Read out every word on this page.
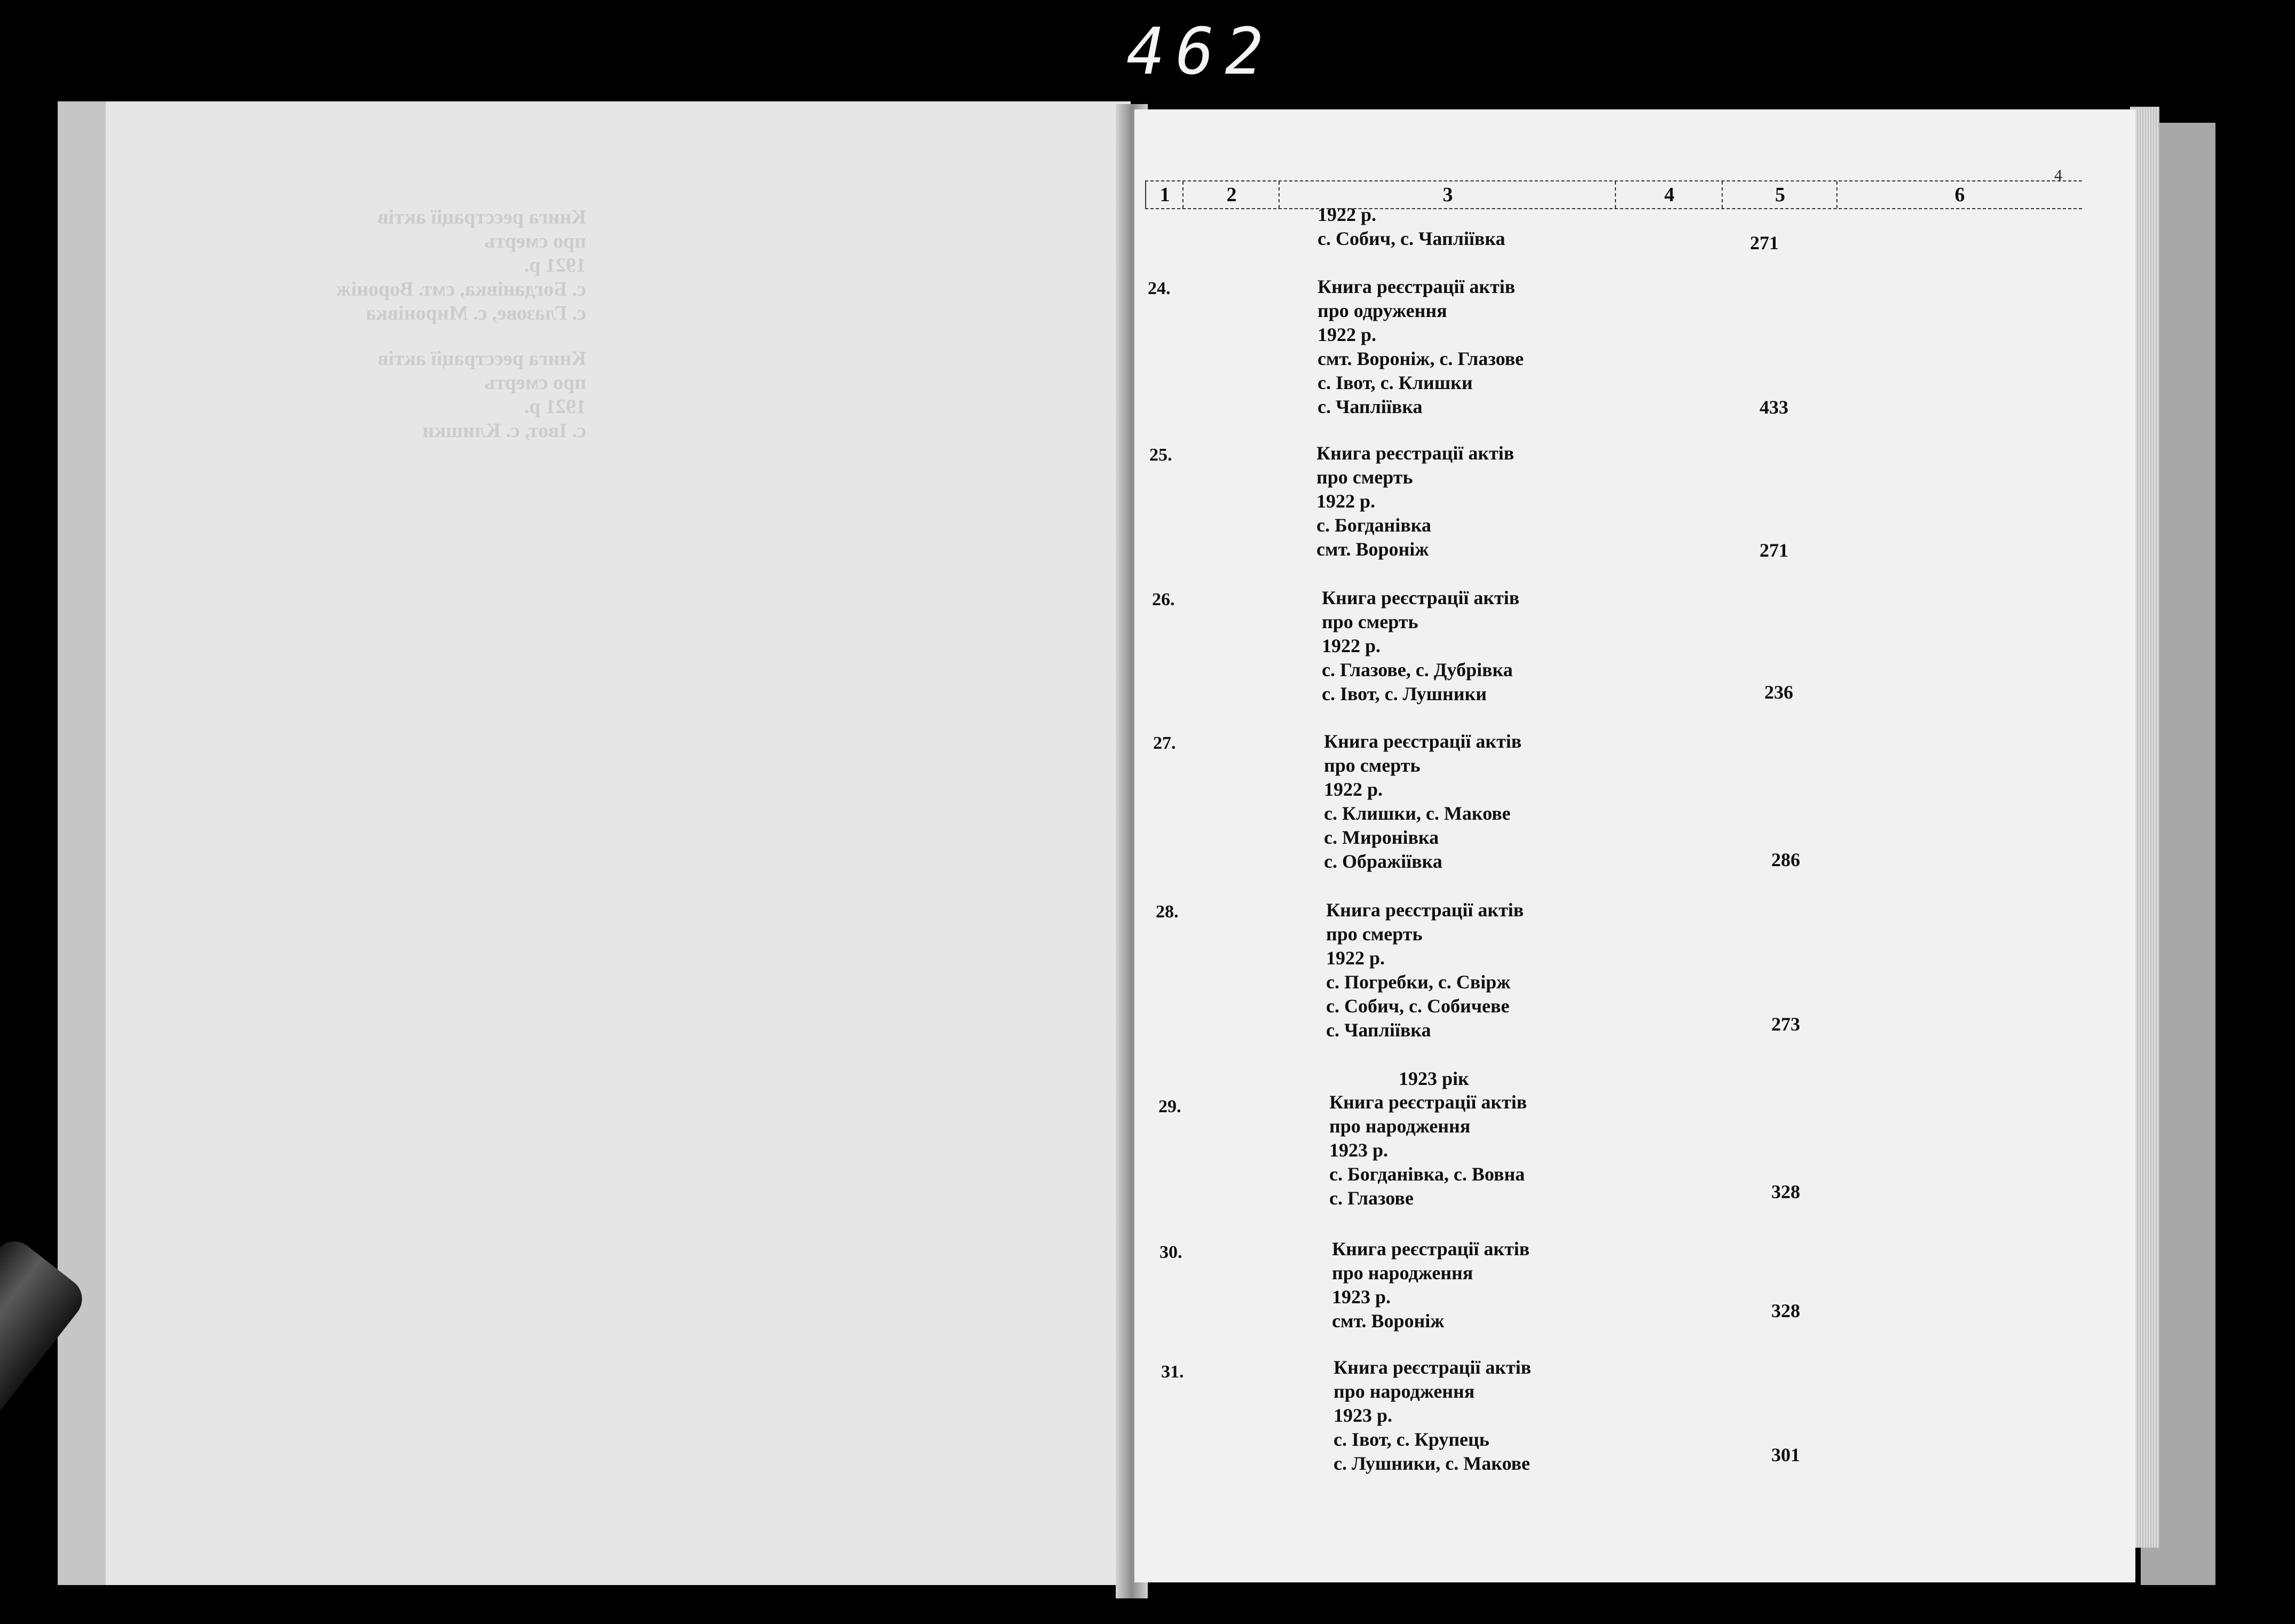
462
Книга реєстрації актів
про смерть
1921 р.
с. Богданівка, смт. Вороніж
с. Глазове, с. Миронівка
Книга реєстрації актів
про смерть
1921 р.
с. Івот, с. Клишки
4
1	2	3	4	5	6
1922 р.
с. Собич, с. Чаплiївка	271
24.	Книга реєстрації актів
про одруження
1922 р.
смт. Вороніж, с. Глазове
с. Івот, с. Клишки
с. Чаплiївка	433
25.	Книга реєстрації актів
про смерть
1922 р.
с. Богданівка
смт. Вороніж	271
26.	Книга реєстрації актів
про смерть
1922 р.
с. Глазове, с. Дубрівка
с. Івот, с. Лушники	236
27.	Книга реєстрації актів
про смерть
1922 р.
с. Клишки, с. Макове
с. Миронівка
с. Ображiївка	286
28.	Книга реєстрації актів
про смерть
1922 р.
с. Погребки, с. Свірж
с. Собич, с. Собичеве
с. Чаплiївка	273
1923 рік
29.	Книга реєстрації актів
про народження
1923 р.
с. Богданівка, с. Вовна
с. Глазове	328
30.	Книга реєстрації актів
про народження
1923 р.
смт. Вороніж	328
31.	Книга реєстрації актів
про народження
1923 р.
с. Івот, с. Крупець
с. Лушники, с. Макове	301
